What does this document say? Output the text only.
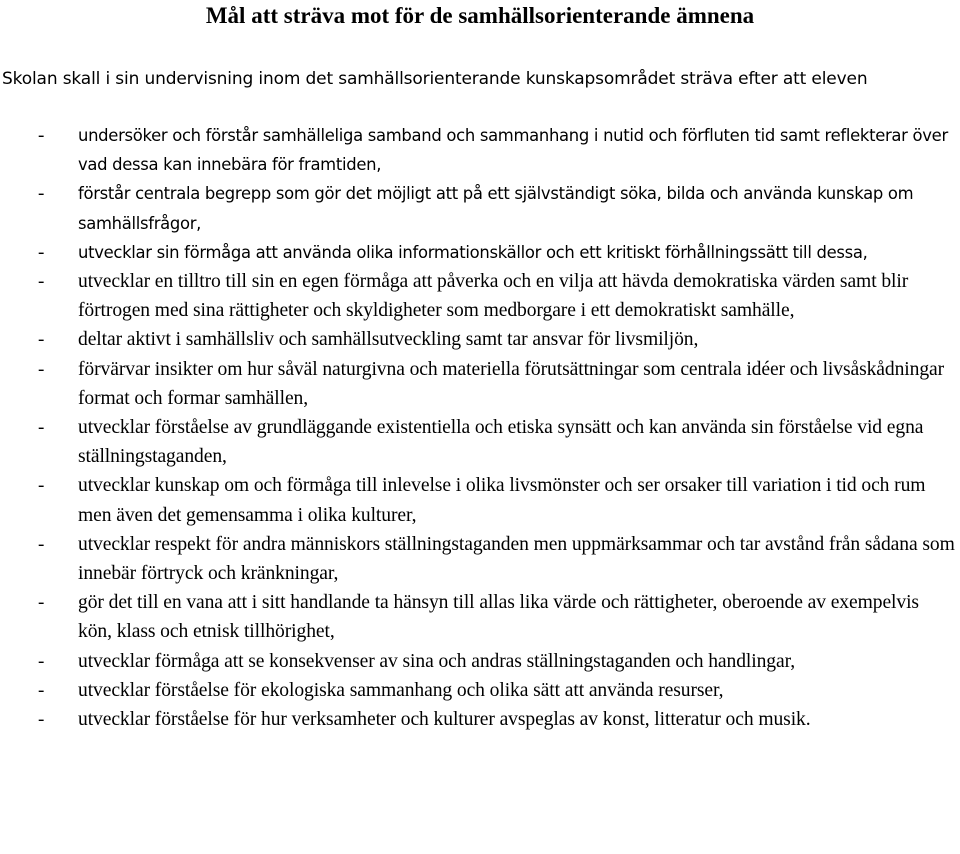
Mål att sträva mot för de samhällsorienterande ämnena

Skolan skall i sin undervisning inom det samhällsorienterande kunskapsområdet sträva efter att eleven

- undersöker och förstår samhälleliga samband och sammanhang i nutid och förfluten tid samt reflekterar över vad dessa kan innebära för framtiden,
- förstår centrala begrepp som gör det möjligt att på ett självständigt söka, bilda och använda kunskap om samhällsfrågor,
- utvecklar sin förmåga att använda olika informationskällor och ett kritiskt förhållningssätt till dessa,
- utvecklar en tilltro till sin en egen förmåga att påverka och en vilja att hävda demokratiska värden samt blir förtrogen med sina rättigheter och skyldigheter som medborgare i ett demokratiskt samhälle,
- deltar aktivt i samhällsliv och samhällsutveckling samt tar ansvar för livsmiljön,
- förvärvar insikter om hur såväl naturgivna och materiella förutsättningar som centrala idéer och livsåskådningar format och formar samhällen,
- utvecklar förståelse av grundläggande existentiella och etiska synsätt och kan använda sin förståelse vid egna ställningstaganden,
- utvecklar kunskap om och förmåga till inlevelse i olika livsmönster och ser orsaker till variation i tid och rum men även det gemensamma i olika kulturer,
- utvecklar respekt för andra människors ställningstaganden men uppmärksammar och tar avstånd från sådana som innebär förtryck och kränkningar,
- gör det till en vana att i sitt handlande ta hänsyn till allas lika värde och rättigheter, oberoende av exempelvis kön, klass och etnisk tillhörighet,
- utvecklar förmåga att se konsekvenser av sina och andras ställningstaganden och handlingar,
- utvecklar förståelse för ekologiska sammanhang och olika sätt att använda resurser,
- utvecklar förståelse för hur verksamheter och kulturer avspeglas av konst, litteratur och musik.
